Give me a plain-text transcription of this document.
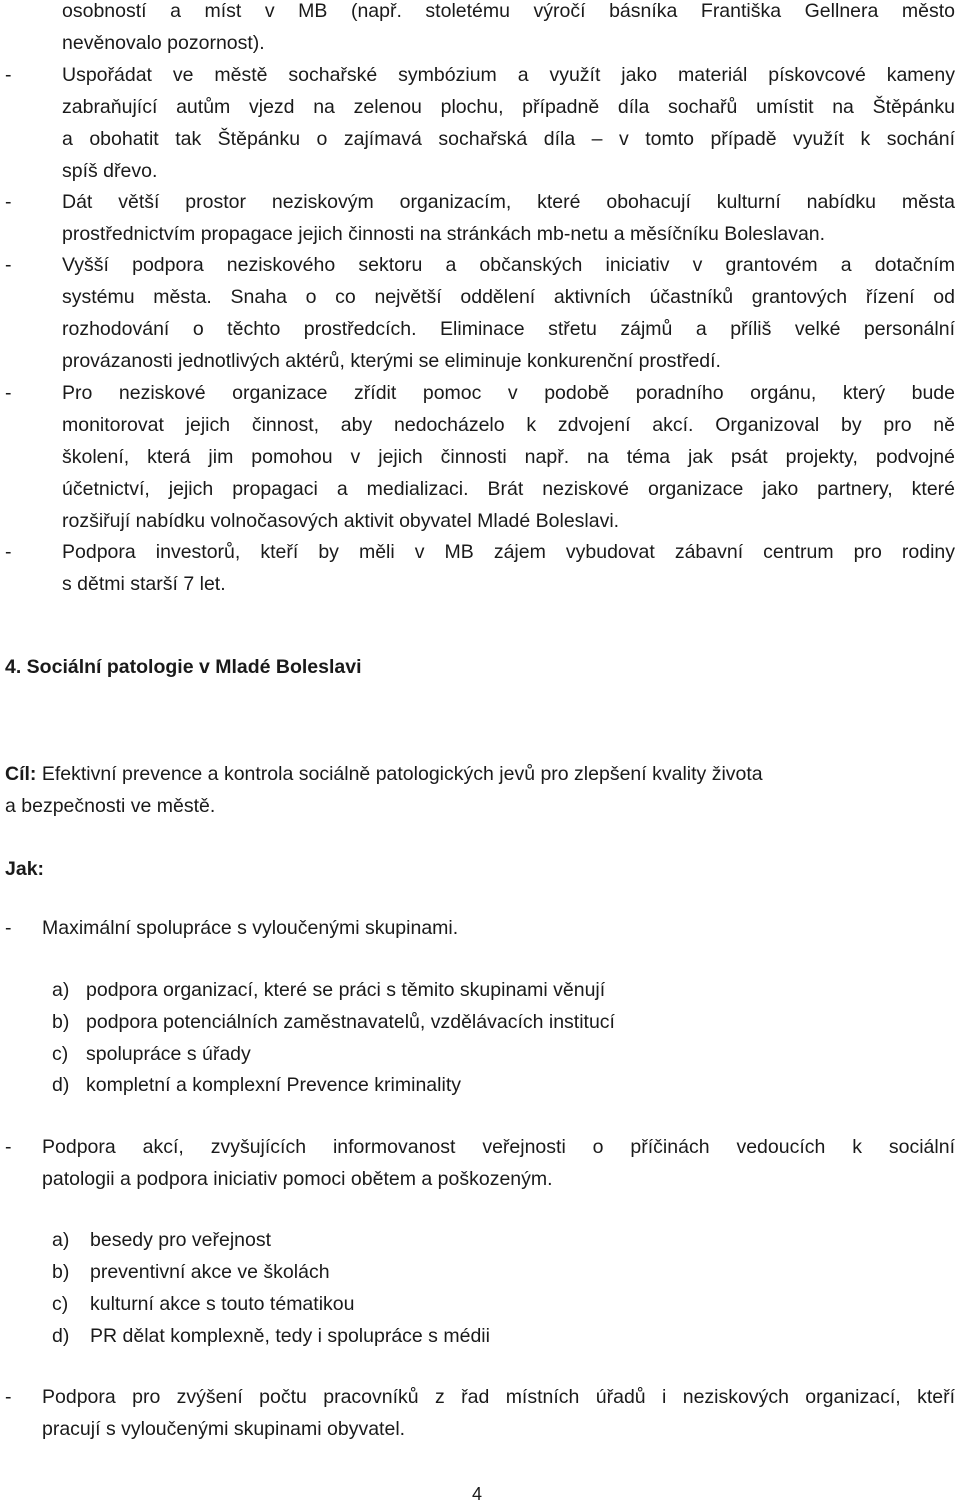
osobností a míst v MB (např. stoletému výročí básníka Františka Gellnera město
nevěnovalo pozornost).
-	Uspořádat ve městě sochařské symbózium a využít jako materiál pískovcové kameny
zabraňující autům vjezd na zelenou plochu, případně díla sochařů umístit na Štěpánku
a obohatit tak Štěpánku o zajímavá sochařská díla – v tomto případě využít k sochání
spíš dřevo.
-	Dát větší prostor neziskovým organizacím, které obohacují kulturní nabídku města
prostřednictvím propagace jejich činnosti na stránkách mb-netu a měsíčníku Boleslavan.
-	Vyšší podpora neziskového sektoru a občanských iniciativ v grantovém a dotačním
systému města. Snaha o co největší oddělení aktivních účastníků grantových řízení od
rozhodování o těchto prostředcích. Eliminace střetu zájmů a příliš velké personální
provázanosti jednotlivých aktérů, kterými se eliminuje konkurenční prostředí.
-	Pro neziskové organizace zřídit pomoc v podobě poradního orgánu, který bude
monitorovat jejich činnost, aby nedocházelo k zdvojení akcí. Organizoval by pro ně
školení, která jim pomohou v jejich činnosti např. na téma jak psát projekty, podvojné
účetnictví, jejich propagaci a medializaci. Brát neziskové organizace jako partnery, které
rozšiřují nabídku volnočasových aktivit obyvatel Mladé Boleslavi.
-	Podpora investorů, kteří by měli v MB zájem vybudovat zábavní centrum pro rodiny
s dětmi starší 7 let.
4. Sociální patologie v Mladé Boleslavi
Cíl: Efektivní prevence a kontrola sociálně patologických jevů pro zlepšení kvality života
a bezpečnosti ve městě.
Jak:
- Maximální spolupráce s vyloučenými skupinami.
a) podpora organizací, které se práci s těmito skupinami věnují
b) podpora potenciálních zaměstnavatelů, vzdělávacích institucí
c) spolupráce s úřady
d) kompletní a komplexní Prevence kriminality
- Podpora akcí, zvyšujících informovanost veřejnosti o příčinách vedoucích k sociální
patologii a podpora iniciativ pomoci obětem a poškozeným.
a) besedy pro veřejnost
b) preventivní akce ve školách
c) kulturní akce s touto tématikou
d) PR dělat komplexně, tedy i spolupráce s médii
- Podpora pro zvýšení počtu pracovníků z řad místních úřadů i neziskových organizací, kteří
pracují s vyloučenými skupinami obyvatel.
4
